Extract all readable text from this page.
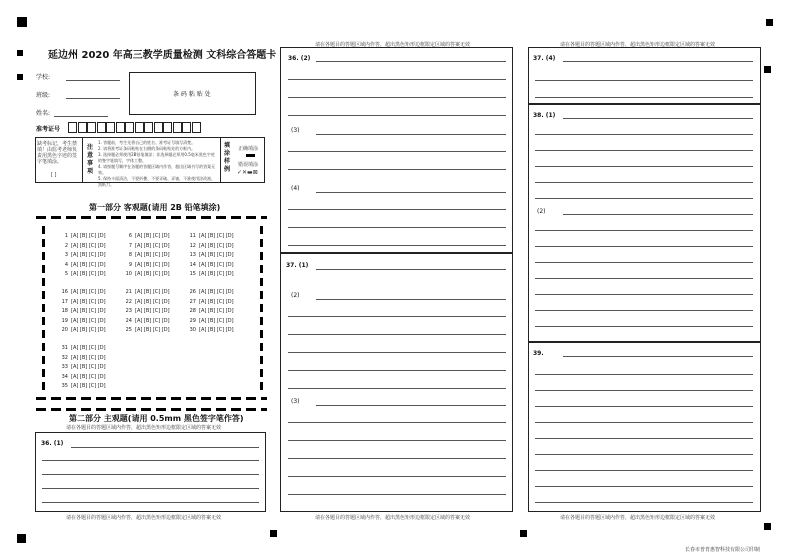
延边州 2020 年高三教学质量检测 文科综合答题卡
学校:
班级:
姓名:
准考证号
条 码 粘 贴 处
缺考标记，考生禁填！由监考老师负责用黑色字迹的签字笔填涂。
[ ]
注意事项
1. 答题前，考生先将自己的姓名、准考证号填写清楚。
2. 请将准考证条码粘贴在右侧的条码粘贴处的方框内。
3. 选择题必须使用2B铅笔填涂；非选择题必须用0.5毫米黑色字迹的签字笔填写，字体工整。
4. 请按题号顺序在各题的答题区域内作答，超出区域书写的答案无效。
5. 保持卡面清洁，不要折叠、不要弄破、弄皱，不准使用涂改液、刮纸刀。
填涂样例
正确填涂
错误填涂
✓✕▬⊠
第一部分 客观题(请用 2B 铅笔填涂)
1 [A] [B] [C] [D]
2 [A] [B] [C] [D]
3 [A] [B] [C] [D]
4 [A] [B] [C] [D]
5 [A] [B] [C] [D]
6 [A] [B] [C] [D]
7 [A] [B] [C] [D]
8 [A] [B] [C] [D]
9 [A] [B] [C] [D]
10 [A] [B] [C] [D]
11 [A] [B] [C] [D]
12 [A] [B] [C] [D]
13 [A] [B] [C] [D]
14 [A] [B] [C] [D]
15 [A] [B] [C] [D]
16 [A] [B] [C] [D]
17 [A] [B] [C] [D]
18 [A] [B] [C] [D]
19 [A] [B] [C] [D]
20 [A] [B] [C] [D]
21 [A] [B] [C] [D]
22 [A] [B] [C] [D]
23 [A] [B] [C] [D]
24 [A] [B] [C] [D]
25 [A] [B] [C] [D]
26 [A] [B] [C] [D]
27 [A] [B] [C] [D]
28 [A] [B] [C] [D]
29 [A] [B] [C] [D]
30 [A] [B] [C] [D]
31 [A] [B] [C] [D]
32 [A] [B] [C] [D]
33 [A] [B] [C] [D]
34 [A] [B] [C] [D]
35 [A] [B] [C] [D]
第二部分 主观题(请用 0.5mm 黑色签字笔作答)
请在各题目的答题区域内作答，超出黑色矩形边框限定区域的答案无效
36. (1)
请在各题目的答题区域内作答，超出黑色矩形边框限定区域的答案无效
请在各题目的答题区域内作答，超出黑色矩形边框限定区域的答案无效
36. (2)
(3)
(4)
37. (1)
(2)
(3)
请在各题目的答题区域内作答，超出黑色矩形边框限定区域的答案无效
请在各题目的答题区域内作答，超出黑色矩形边框限定区域的答案无效
37. (4)
38. (1)
(2)
39.
请在各题目的答题区域内作答，超出黑色矩形边框限定区域的答案无效
长春市普育惠智科技有限公司印制
